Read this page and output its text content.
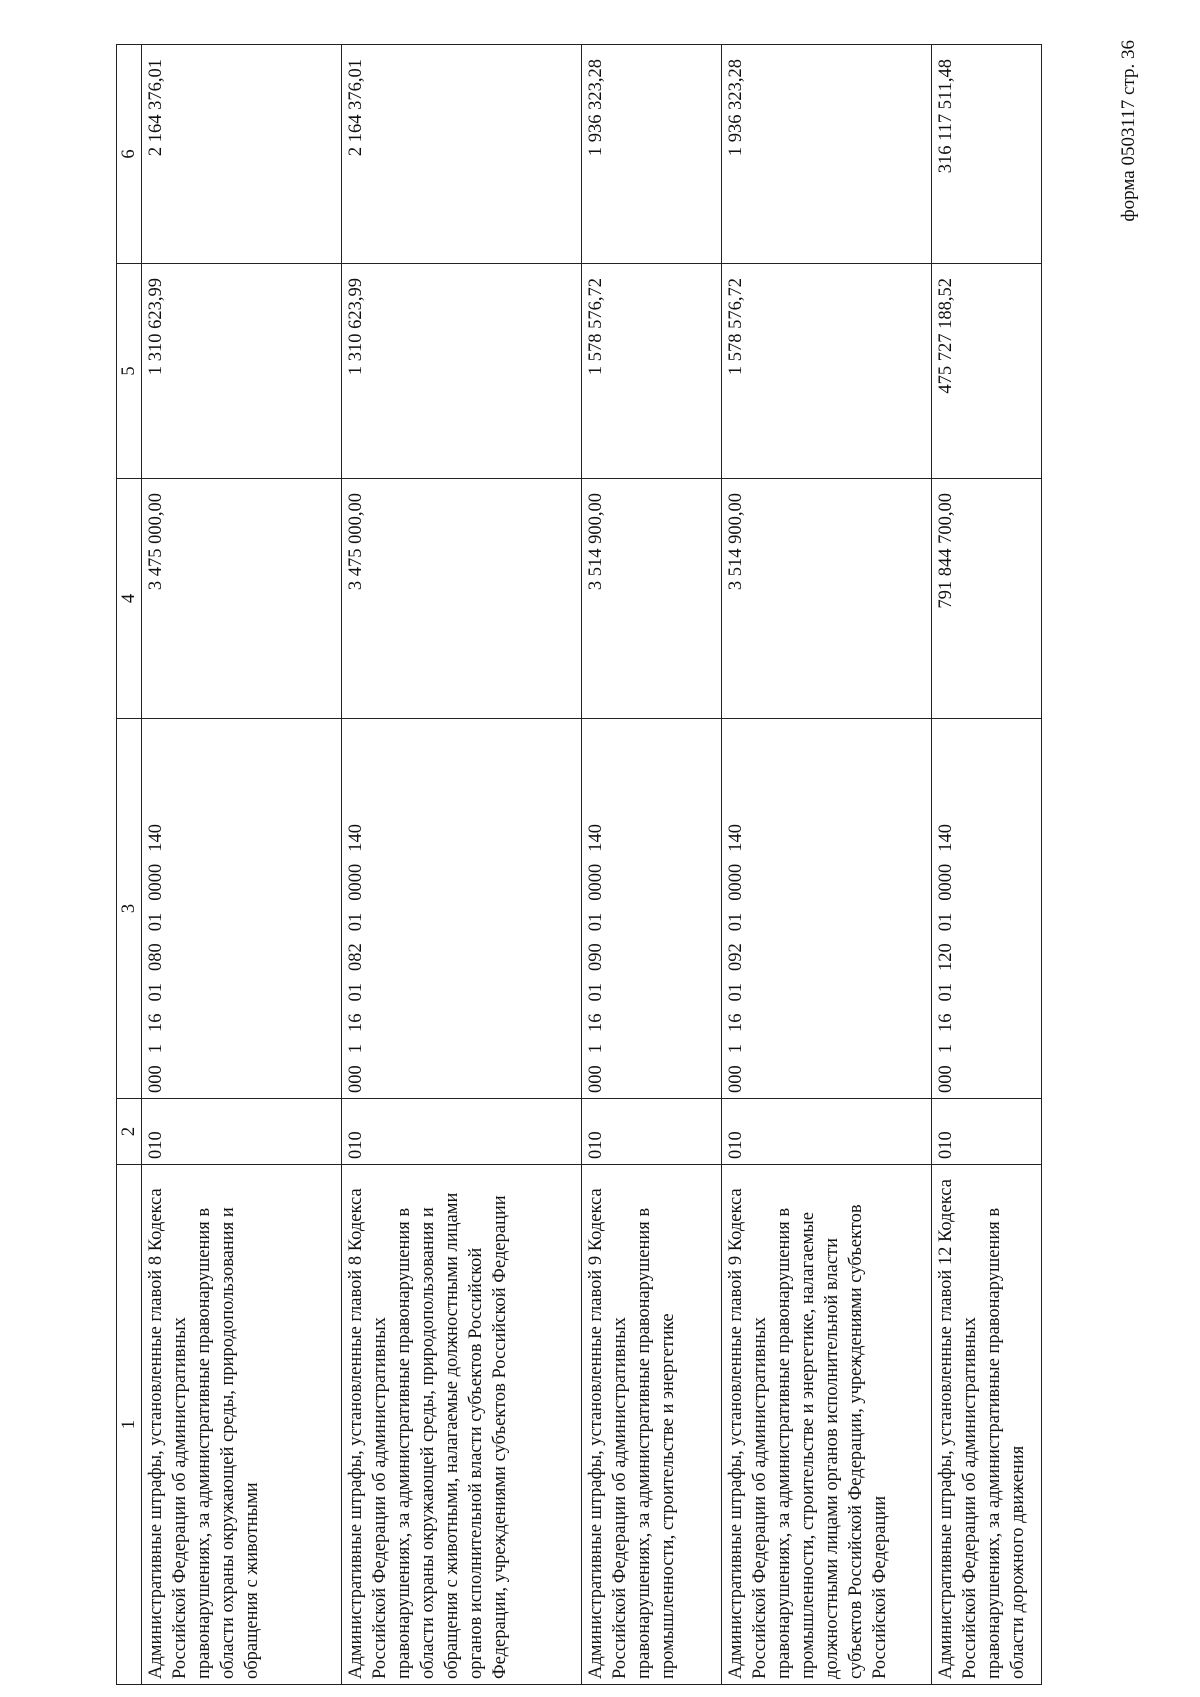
форма 0503117 стр. 36
1	2	3	4	5	6
Административные штрафы, установленные главой 8 Кодекса Российской Федерации об административных правонарушениях, за административные правонарушения в области охраны окружающей среды, природопользования и обращения с животными	010	00011601080010000140	3 475 000,00	1 310 623,99	2 164 376,01
Административные штрафы, установленные главой 8 Кодекса Российской Федерации об административных правонарушениях, за административные правонарушения в области охраны окружающей среды, природопользования и обращения с животными, налагаемые должностными лицами органов исполнительной власти субъектов Российской Федерации, учреждениями субъектов Российской Федерации	010	00011601082010000140	3 475 000,00	1 310 623,99	2 164 376,01
Административные штрафы, установленные главой 9 Кодекса Российской Федерации об административных правонарушениях, за административные правонарушения в промышленности, строительстве и энергетике	010	00011601090010000140	3 514 900,00	1 578 576,72	1 936 323,28
Административные штрафы, установленные главой 9 Кодекса Российской Федерации об административных правонарушениях, за административные правонарушения в промышленности, строительстве и энергетике, налагаемые должностными лицами органов исполнительной власти субъектов Российской Федерации, учреждениями субъектов Российской Федерации	010	00011601092010000140	3 514 900,00	1 578 576,72	1 936 323,28
Административные штрафы, установленные главой 12 Кодекса Российской Федерации об административных правонарушениях, за административные правонарушения в области дорожного движения	010	00011601120010000140	791 844 700,00	475 727 188,52	316 117 511,48
